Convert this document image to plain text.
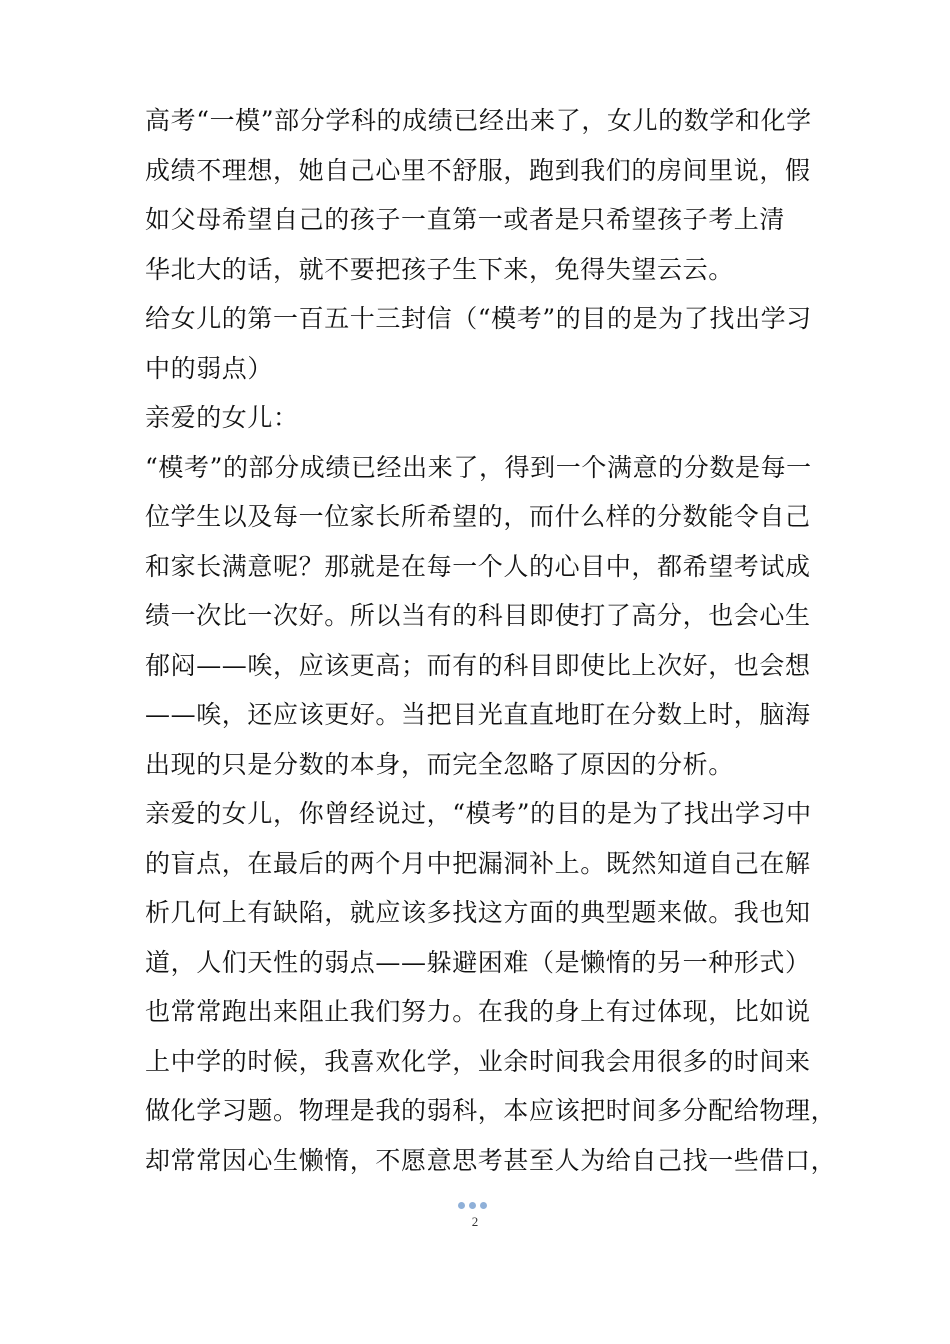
高考“一模”部分学科的成绩已经出来了，女儿的数学和化学
成绩不理想，她自己心里不舒服，跑到我们的房间里说，假
如父母希望自己的孩子一直第一或者是只希望孩子考上清
华北大的话，就不要把孩子生下来，免得失望云云。
给女儿的第一百五十三封信（“模考”的目的是为了找出学习
中的弱点）
亲爱的女儿：
“模考”的部分成绩已经出来了，得到一个满意的分数是每一
位学生以及每一位家长所希望的，而什么样的分数能令自己
和家长满意呢？那就是在每一个人的心目中，都希望考试成
绩一次比一次好。所以当有的科目即使打了高分，也会心生
郁闷——唉，应该更高；而有的科目即使比上次好，也会想
——唉，还应该更好。当把目光直直地盯在分数上时，脑海
出现的只是分数的本身，而完全忽略了原因的分析。
亲爱的女儿，你曾经说过，“模考”的目的是为了找出学习中
的盲点，在最后的两个月中把漏洞补上。既然知道自己在解
析几何上有缺陷，就应该多找这方面的典型题来做。我也知
道，人们天性的弱点——躲避困难（是懒惰的另一种形式）
也常常跑出来阻止我们努力。在我的身上有过体现，比如说
上中学的时候，我喜欢化学，业余时间我会用很多的时间来
做化学习题。物理是我的弱科，本应该把时间多分配给物理，
却常常因心生懒惰，不愿意思考甚至人为给自己找一些借口，
2
